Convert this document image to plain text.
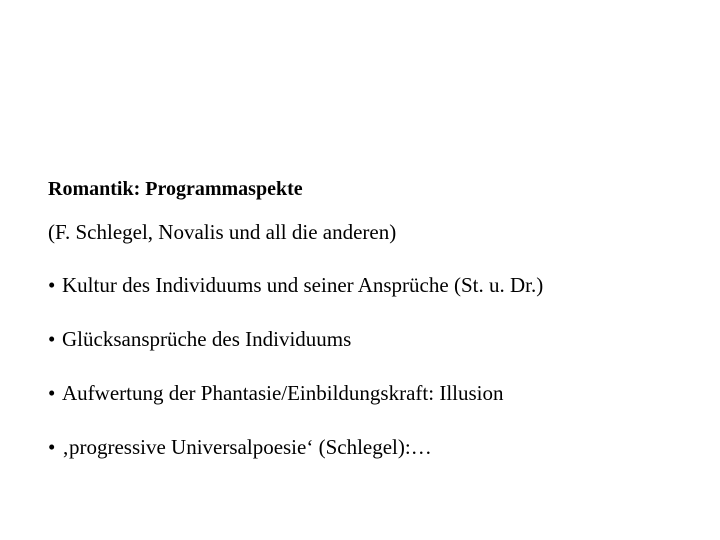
Romantik: Programmaspekte

(F. Schlegel, Novalis und all die anderen)

• Kultur des Individuums und seiner Ansprüche (St. u. Dr.)
• Glücksansprüche des Individuums
• Aufwertung der Phantasie/Einbildungskraft: Illusion
• ‚progressive Universalpoesie‘ (Schlegel):…
